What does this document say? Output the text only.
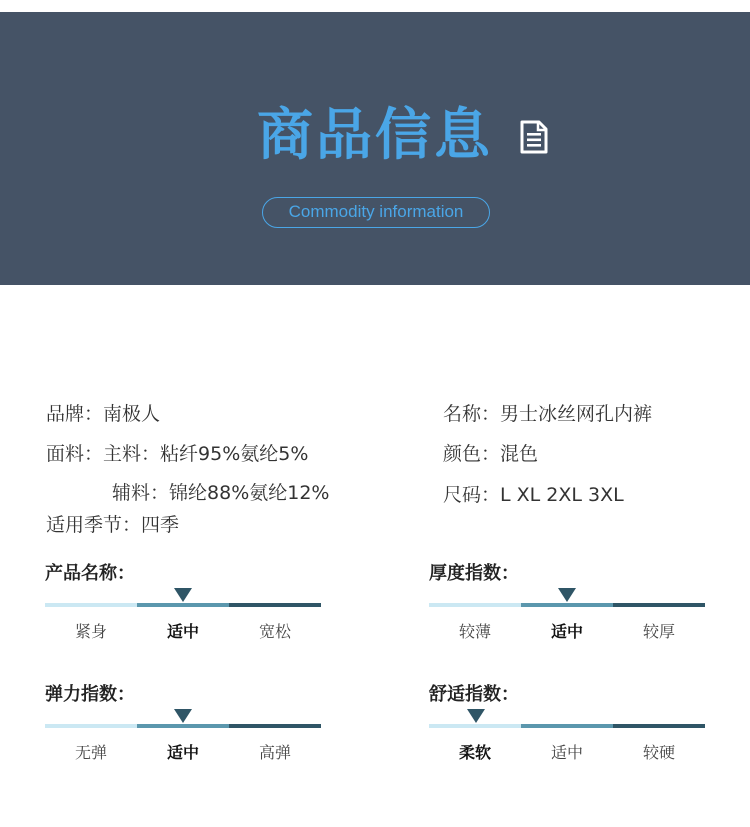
商品信息
Commodity information
品牌：南极人	名称：男士冰丝网孔内裤
面料：主料：粘纤95%氨纶5%	颜色：混色
辅料：锦纶88%氨纶12%	尺码：L XL 2XL 3XL
适用季节：四季
产品名称：
紧身	适中	宽松
厚度指数：
较薄	适中	较厚
弹力指数：
无弹	适中	高弹
舒适指数：
柔软	适中	较硬
